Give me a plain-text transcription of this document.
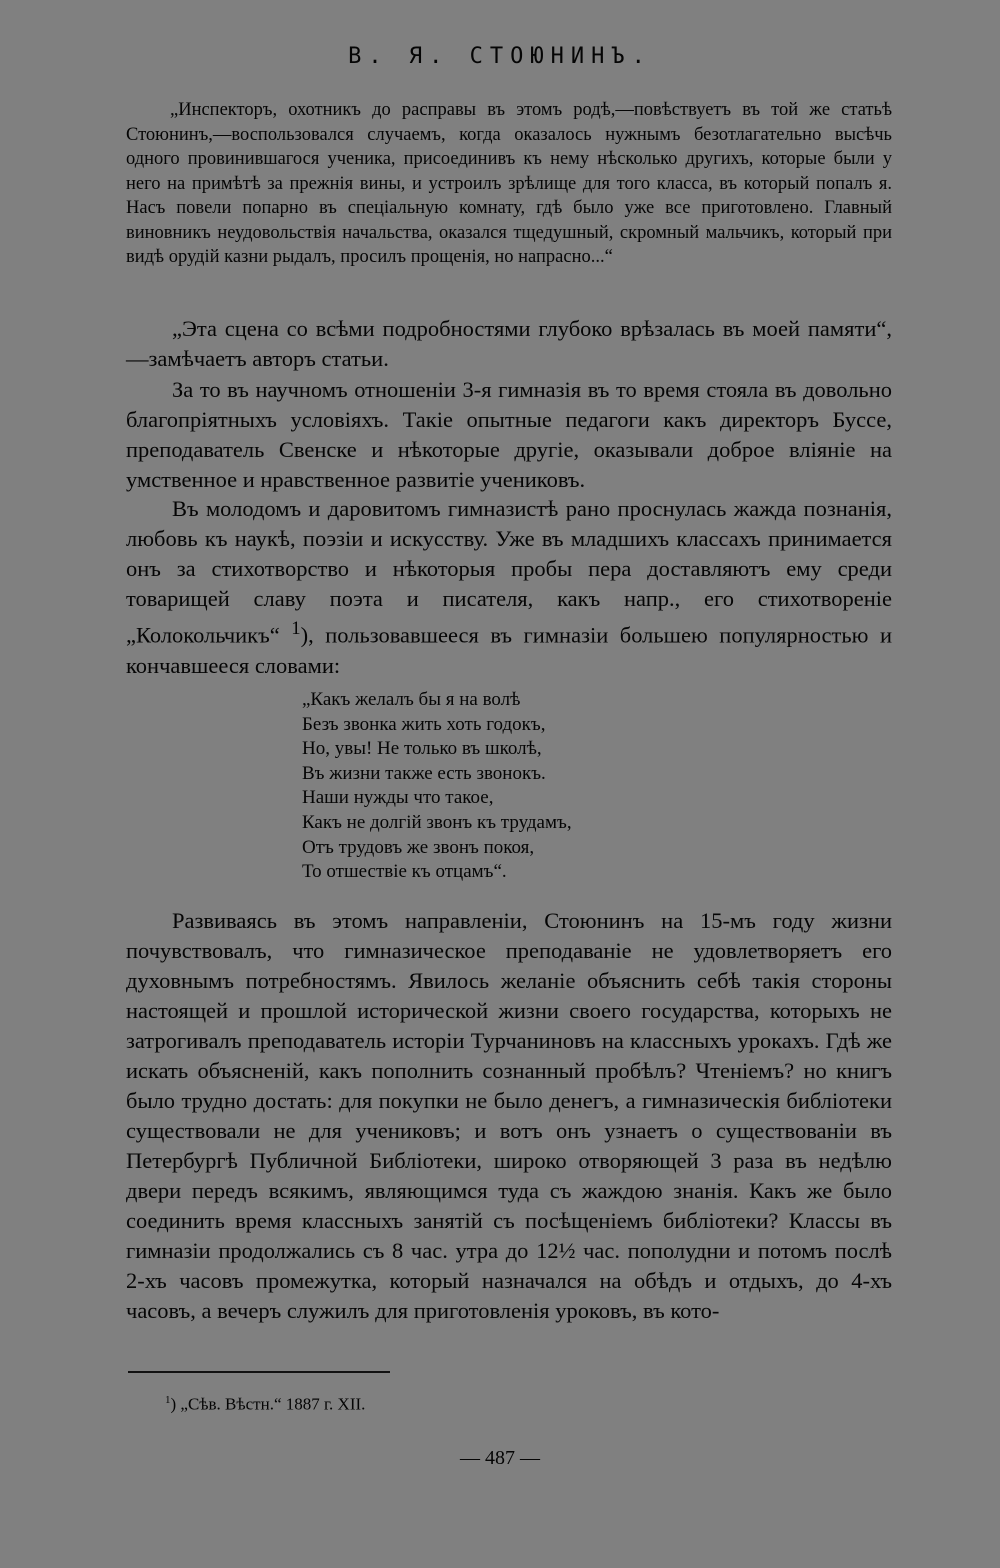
В. Я. СТОЮНИНЪ.

„Инспекторъ, охотникъ до расправы въ этомъ родѣ,—повѣствуетъ въ той же статьѣ Стоюнинъ,—воспользовался случаемъ, когда оказалось нужнымъ безотлагательно высѣчь одного провинившагося ученика, присоединивъ къ нему нѣсколько другихъ, которые были у него на примѣтѣ за прежнія вины, и устроилъ зрѣлище для того класса, въ который попалъ я. Насъ повели попарно въ спеціальную комнату, гдѣ было уже все приготовлено. Главный виновникъ неудовольствія начальства, оказался тщедушный, скромный мальчикъ, который при видѣ орудій казни рыдалъ, просилъ прощенія, но напрасно...“

„Эта сцена со всѣми подробностями глубоко врѣзалась въ моей памяти“,—замѣчаетъ авторъ статьи.

За то въ научномъ отношеніи 3-я гимназія въ то время стояла въ довольно благопріятныхъ условіяхъ. Такіе опытные педагоги какъ директоръ Буссе, преподаватель Свенске и нѣкоторые другіе, оказывали доброе вліяніе на умственное и нравственное развитіе учениковъ.

Въ молодомъ и даровитомъ гимназистѣ рано проснулась жажда познанія, любовь къ наукѣ, поэзіи и искусству. Уже въ младшихъ классахъ принимается онъ за стихотворство и нѣкоторыя пробы пера доставляютъ ему среди товарищей славу поэта и писателя, какъ напр., его стихотвореніе „Колокольчикъ“ $^1$), пользовавшееся въ гимназіи большею популярностью и кончавшееся словами:

„Какъ желалъ бы я на волѣ
Безъ звонка жить хоть годокъ,
Но, увы! Не только въ школѣ,
Въ жизни также есть звонокъ.
Наши нужды что такое,
Какъ не долгій звонъ къ трудамъ,
Отъ трудовъ же звонъ покоя,
То отшествіе къ отцамъ“.

Развиваясь въ этомъ направленіи, Стоюнинъ на 15-мъ году жизни почувствовалъ, что гимназическое преподаваніе не удовлетворяетъ его духовнымъ потребностямъ. Явилось желаніе объяснить себѣ такія стороны настоящей и прошлой исторической жизни своего государства, которыхъ не затрогивалъ преподаватель исторіи Турчаниновъ на классныхъ урокахъ. Гдѣ же искать объясненій, какъ пополнить сознанный пробѣлъ? Чтеніемъ? но книгъ было трудно достать: для покупки не было денегъ, а гимназическія библіотеки существовали не для учениковъ; и вотъ онъ узнаетъ о существованіи въ Петербургѣ Публичной Библіотеки, широко отворяющей 3 раза въ недѣлю двери передъ всякимъ, являющимся туда съ жаждою знанія. Какъ же было соединить время классныхъ занятій съ посѣщеніемъ библіотеки? Классы въ гимназіи продолжались съ 8 час. утра до 12½ час. пополудни и потомъ послѣ 2-хъ часовъ промежутка, который назначался на обѣдъ и отдыхъ, до 4-хъ часовъ, а вечеръ служилъ для приготовленія уроковъ, въ кото-

$^1$) „Сѣв. Вѣстн.“ 1887 г. XII.
— 487 —
